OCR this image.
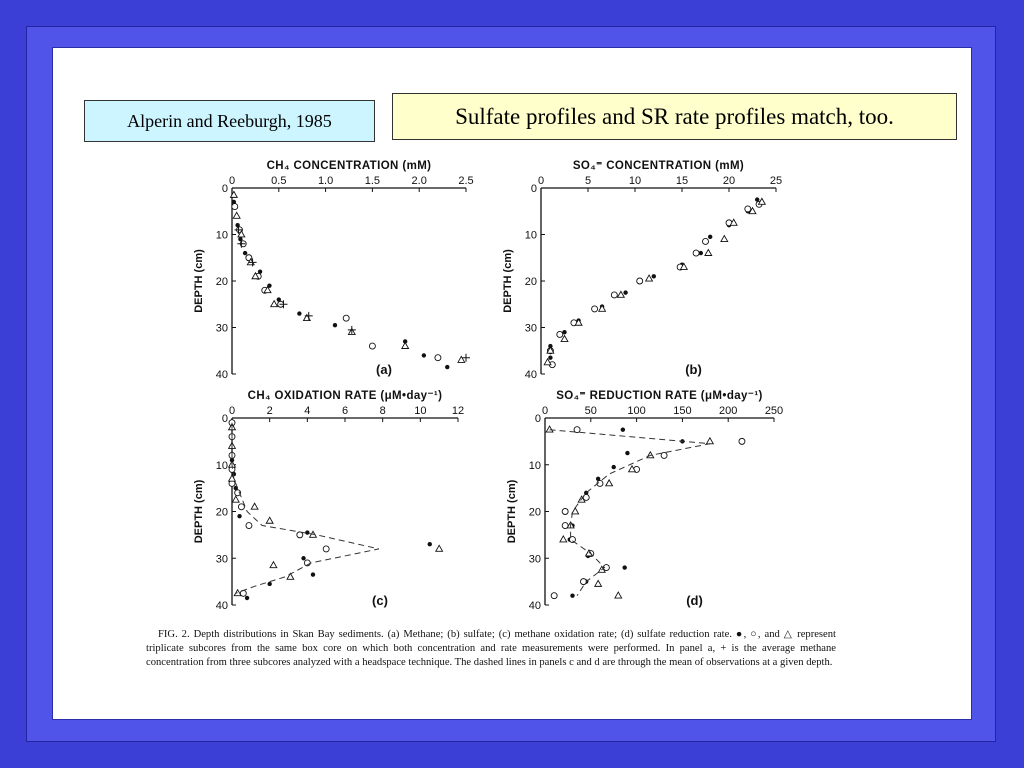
Alperin and Reeburgh, 1985	Sulfate profiles and SR rate profiles match, too.
CH₄ CONCENTRATION (mM)
0	0.5	1.0	1.5	2.0	2.5
0
10
20
30
40
DEPTH (cm)
(a)
SO₄⁼ CONCENTRATION (mM)
0	5	10	15	20	25
0
10
20
30
40
DEPTH (cm)
(b)
CH₄ OXIDATION RATE (μM•day⁻¹)
0	2	4	6	8	10 12
0
10
20
30
40
DEPTH (cm)
(c)
SO₄⁼ REDUCTION RATE (μM•day⁻¹)
0	50	100 150 200 250
0
10
20
30
40
DEPTH (cm)
(d)
FIG. 2. Depth distributions in Skan Bay sediments. (a) Methane; (b) sulfate; (c) methane oxidation rate; (d) sulfate reduction rate. ●, ○, and △ represent triplicate subcores from the same box core on which both concentration and rate measurements were performed. In panel a, + is the average methane concentration from three subcores analyzed with a headspace technique. The dashed lines in panels c and d are through the mean of observations at a given depth.
